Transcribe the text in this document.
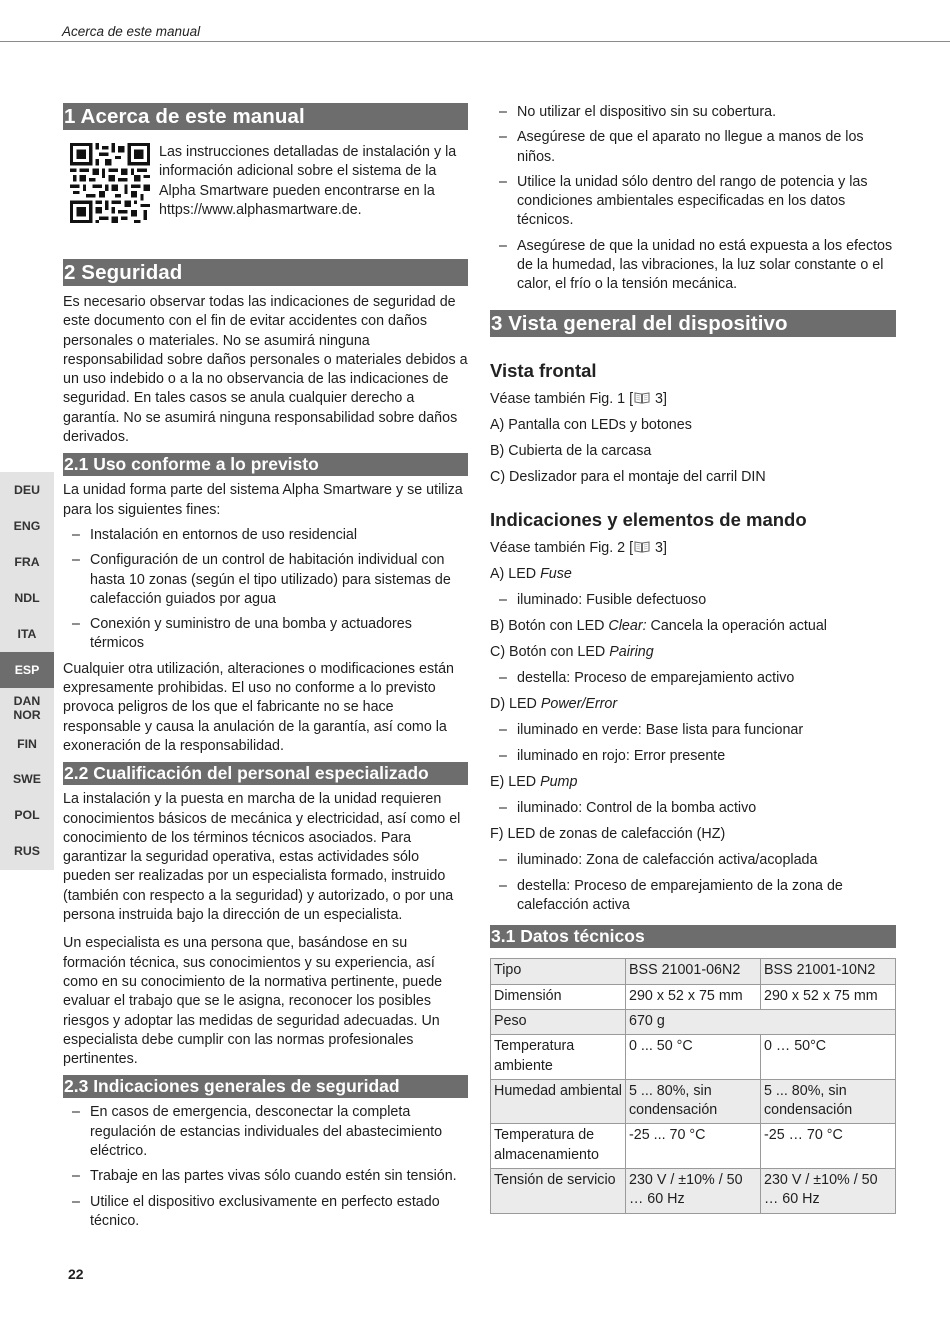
Acerca de este manual
1 Acerca de este manual

Las instrucciones detalladas de instalación y la información adicional sobre el sistema de la Alpha Smartware pueden encontrarse en la https://www.alphasmartware.de.

2 Seguridad

Es necesario observar todas las indicaciones de seguridad de este documento con el fin de evitar accidentes con daños personales o materiales. No se asumirá ninguna responsabilidad sobre daños personales o materiales debidos a un uso indebido o a la no observancia de las indicaciones de seguridad. En tales casos se anula cualquier derecho a garantía. No se asumirá ninguna responsabilidad sobre daños derivados.

2.1 Uso conforme a lo previsto

La unidad forma parte del sistema Alpha Smartware y se utiliza para los siguientes fines:

– Instalación en entornos de uso residencial
– Configuración de un control de habitación individual con hasta 10 zonas (según el tipo utilizado) para sistemas de calefacción guiados por agua
– Conexión y suministro de una bomba y actuadores térmicos

Cualquier otra utilización, alteraciones o modificaciones están expresamente prohibidas. El uso no conforme a lo previsto provoca peligros de los que el fabricante no se hace responsable y causa la anulación de la garantía, así como la exoneración de la responsabilidad.

2.2 Cualificación del personal especializado

La instalación y la puesta en marcha de la unidad requieren conocimientos básicos de mecánica y electricidad, así como el conocimiento de los términos técnicos asociados. Para garantizar la seguridad operativa, estas actividades sólo pueden ser realizadas por un especialista formado, instruido (también con respecto a la seguridad) y autorizado, o por una persona instruida bajo la dirección de un especialista.

Un especialista es una persona que, basándose en su formación técnica, sus conocimientos y su experiencia, así como en su conocimiento de la normativa pertinente, puede evaluar el trabajo que se le asigna, reconocer los posibles riesgos y adoptar las medidas de seguridad adecuadas. Un especialista debe cumplir con las normas profesionales pertinentes.

2.3 Indicaciones generales de seguridad
– En casos de emergencia, desconectar la completa regulación de estancias individuales del abastecimiento eléctrico.
– Trabaje en las partes vivas sólo cuando estén sin tensión.
– Utilice el dispositivo exclusivamente en perfecto estado técnico.
– No utilizar el dispositivo sin su cobertura.
– Asegúrese de que el aparato no llegue a manos de los niños.
– Utilice la unidad sólo dentro del rango de potencia y las condiciones ambientales especificadas en los datos técnicos.
– Asegúrese de que la unidad no está expuesta a los efectos de la humedad, las vibraciones, la luz solar constante o el calor, el frío o la tensión mecánica.
3 Vista general del dispositivo
Vista frontal
Véase también Fig. 1 [
3]
A) Pantalla con LEDs y botones
B) Cubierta de la carcasa
C) Deslizador para el montaje del carril DIN
Indicaciones y elementos de mando
Véase también Fig. 2 [
3]
A) LED Fuse
– iluminado: Fusible defectuoso
B) Botón con LED Clear: Cancela la operación actual
C) Botón con LED Pairing
– destella: Proceso de emparejamiento activo
D) LED Power/Error
– iluminado en verde: Base lista para funcionar
– iluminado en rojo: Error presente
E) LED Pump
– iluminado: Control de la bomba activo
F) LED de zonas de calefacción (HZ)
– iluminado: Zona de calefacción activa/acoplada
– destella: Proceso de emparejamiento de la zona de calefacción activa
3.1 Datos técnicos
Tipo	BSS 21001-06N2	BSS 21001-10N2
Dimensión	290 x 52 x 75 mm	290 x 52 x 75 mm
Peso	670 g	
Temperatura ambiente	0 ... 50 °C	0 … 50°C
Humedad ambiental	5 ... 80%, sin condensación	5 ... 80%, sin condensación
Temperatura de almacenamiento	-25 ... 70 °C	-25 … 70 °C
Tensión de servicio	230 V / ±10% / 50 … 60 Hz	230 V / ±10% / 50 … 60 Hz
DEU
ENG
FRA
NDL
ITA
ESP
DAN
NOR
FIN
SWE
POL
RUS
22
